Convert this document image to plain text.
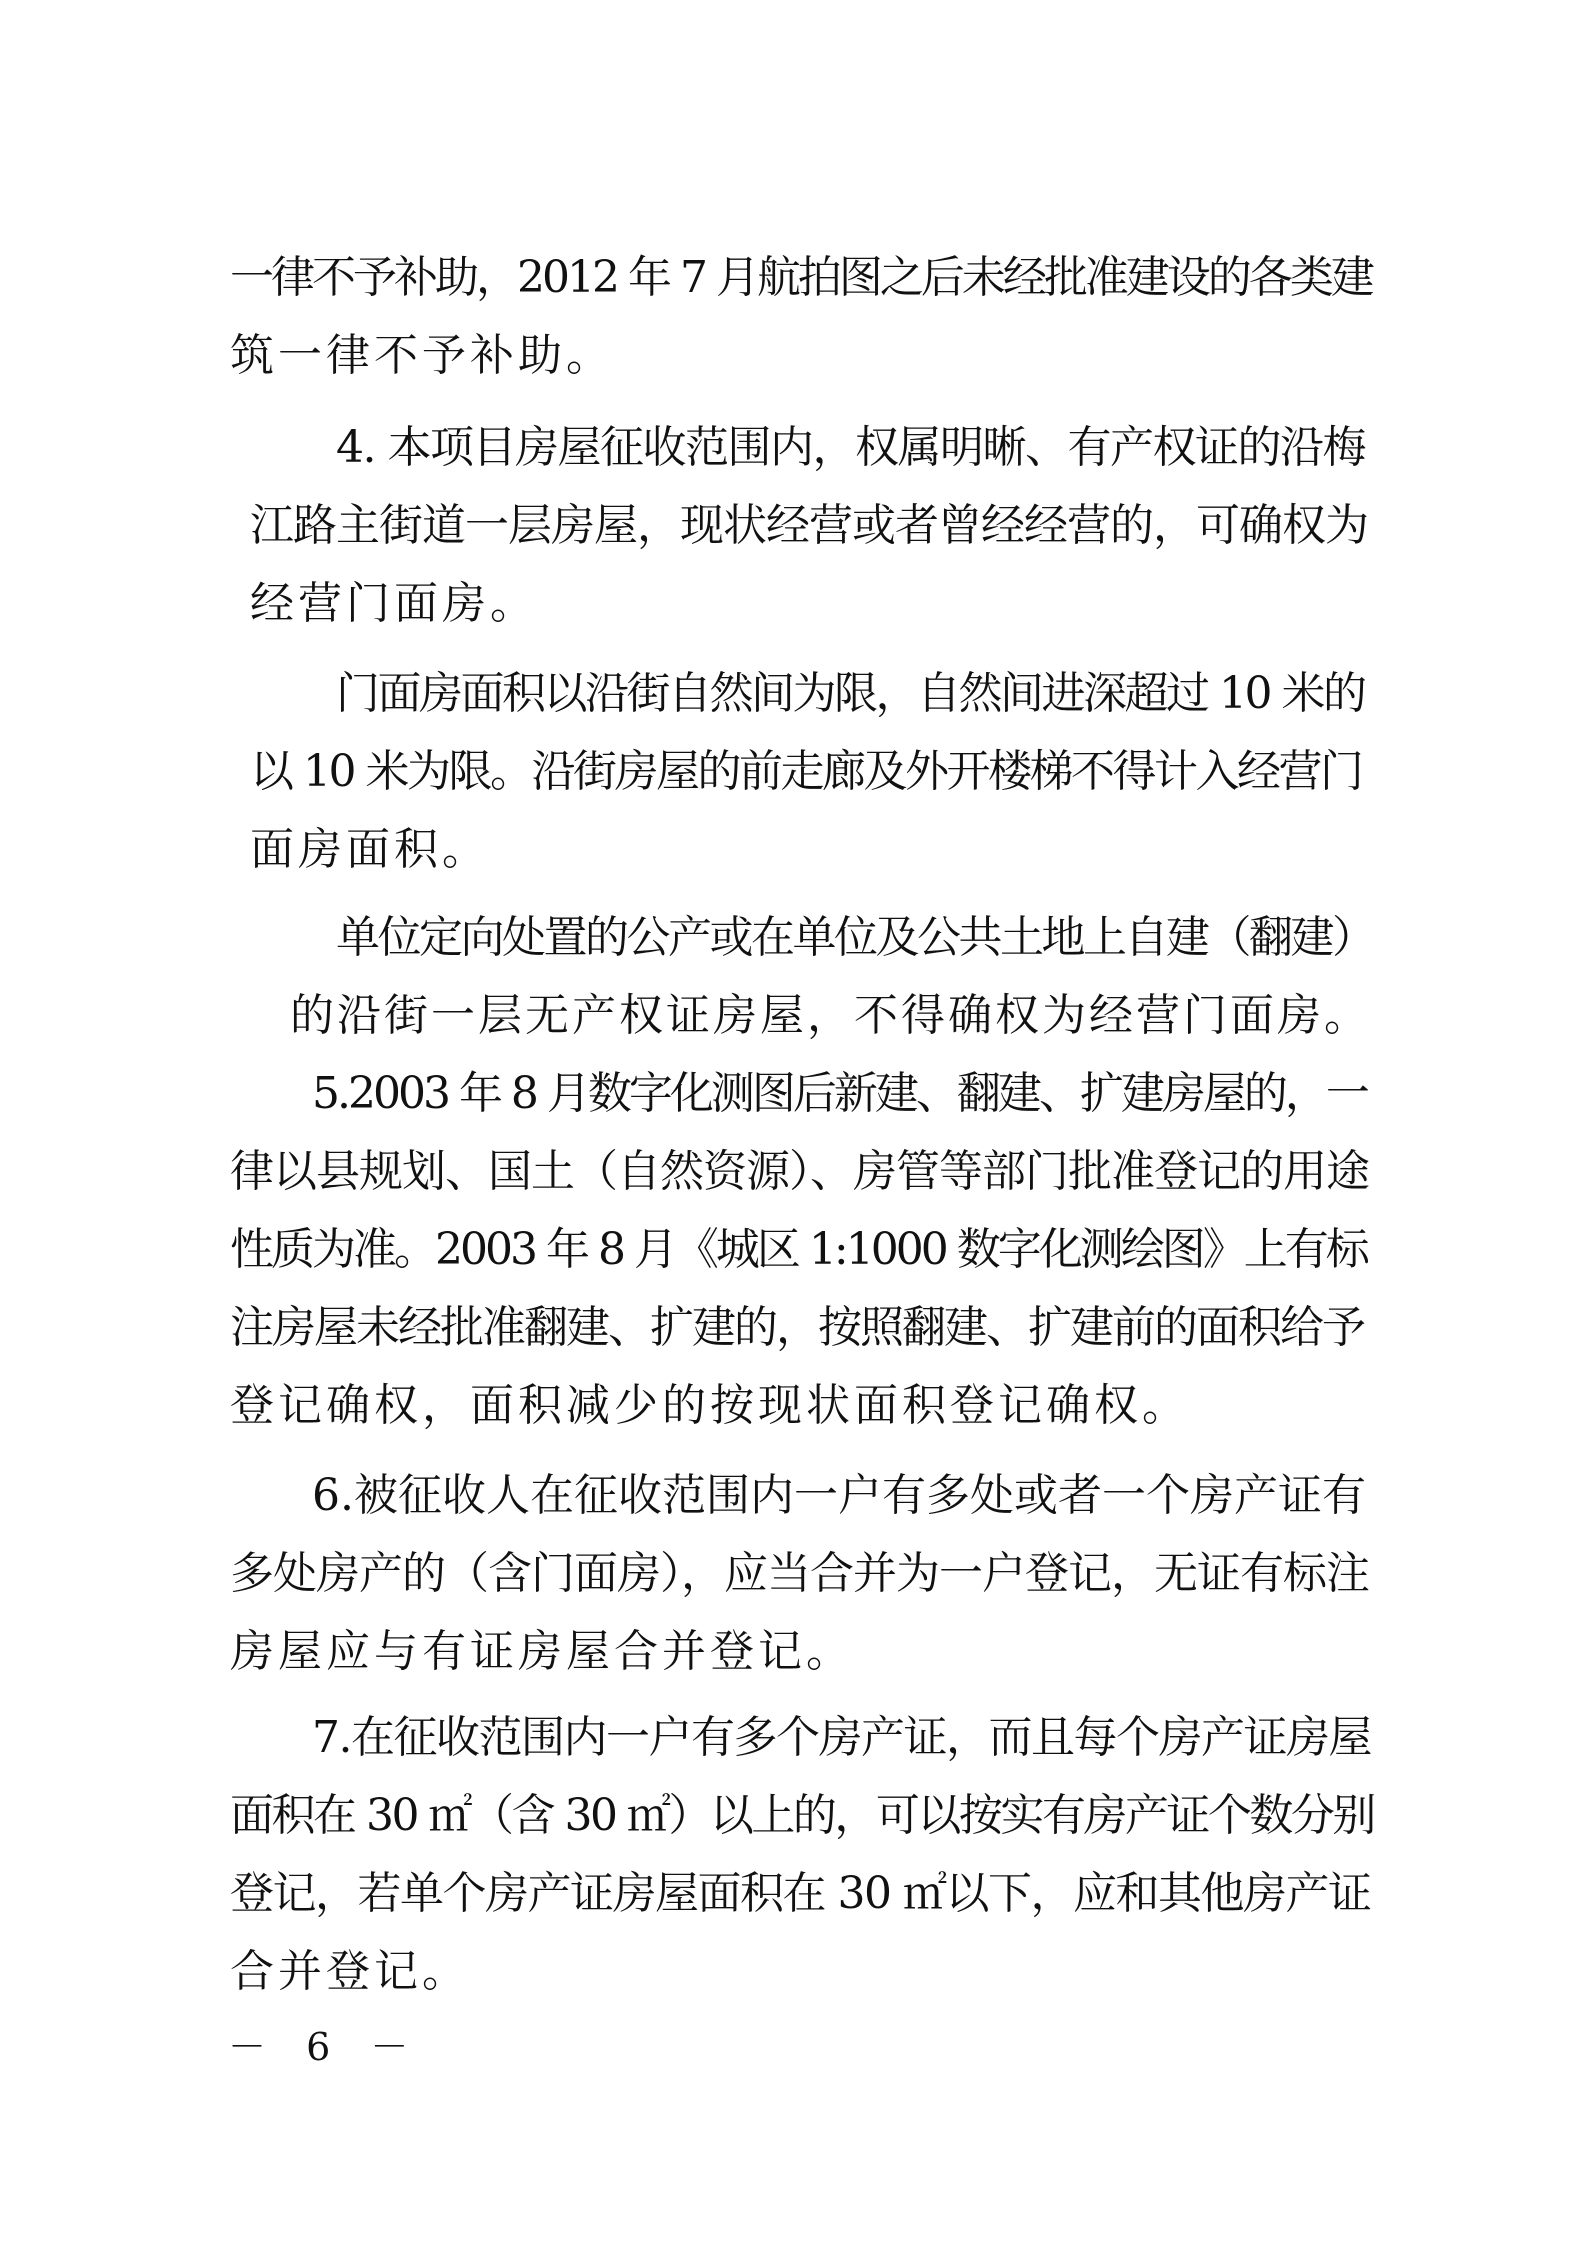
一律不予补助，2012 年 7 月航拍图之后未经批准建设的各类建
筑一律不予补助。
4. 本项目房屋征收范围内，权属明晰、有产权证的沿梅
江路主街道一层房屋，现状经营或者曾经经营的，可确权为
经营门面房。
门面房面积以沿街自然间为限，自然间进深超过 10 米的
以 10 米为限。沿街房屋的前走廊及外开楼梯不得计入经营门
面房面积。
单位定向处置的公产或在单位及公共土地上自建（翻建）
的沿街一层无产权证房屋，不得确权为经营门面房。
5.2003 年 8 月数字化测图后新建、翻建、扩建房屋的，一
律以县规划、国土（自然资源）、房管等部门批准登记的用途
性质为准。2003 年 8 月《城区 1:1000 数字化测绘图》上有标
注房屋未经批准翻建、扩建的，按照翻建、扩建前的面积给予
登记确权，面积减少的按现状面积登记确权。
6.被征收人在征收范围内一户有多处或者一个房产证有
多处房产的（含门面房），应当合并为一户登记，无证有标注
房屋应与有证房屋合并登记。
7.在征收范围内一户有多个房产证，而且每个房产证房屋
面积在 30 ㎡（含 30 ㎡）以上的，可以按实有房产证个数分别
登记，若单个房产证房屋面积在 30 ㎡以下，应和其他房产证
合并登记。
－ 6 －
